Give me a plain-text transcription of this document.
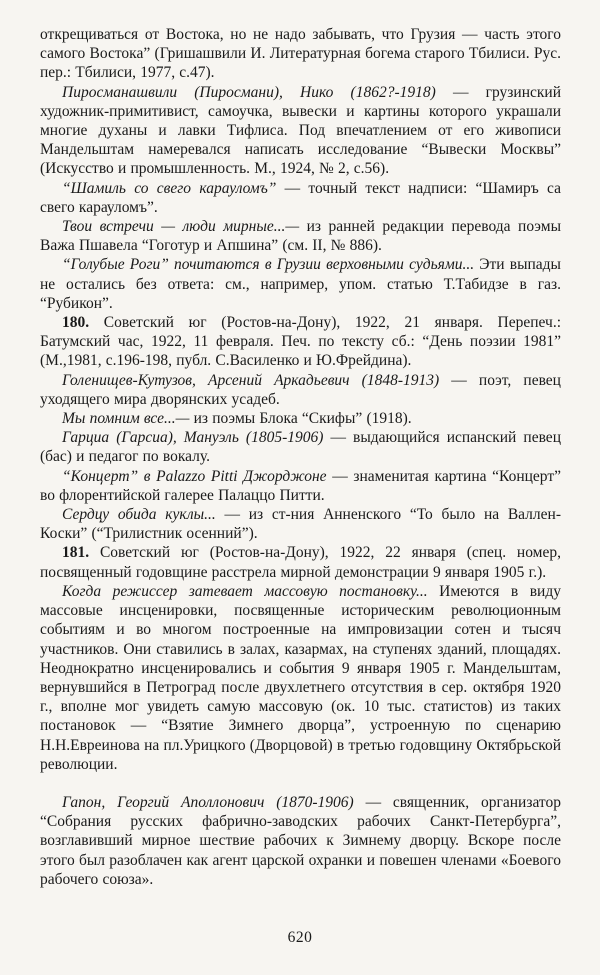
открещиваться от Востока, но не надо забывать, что Грузия — часть этого самого Востока” (Гришашвили И. Литературная богема старого Тбилиси. Рус. пер.: Тбилиси, 1977, с.47).

Пиросманашвили (Пиросмани), Нико (1862?-1918) — грузинский художник-примитивист, самоучка, вывески и картины которого украшали многие духаны и лавки Тифлиса. Под впечатлением от его живописи Мандельштам намеревался написать исследование “Вывески Москвы” (Искусство и промышленность. М., 1924, № 2, с.56).

“Шамиль со свего карауломъ” — точный текст надписи: “Шамиръ са свего карауломъ”.

Твои встречи — люди мирные...— из ранней редакции перевода поэмы Важа Пшавела “Гоготур и Апшина” (см. II, № 886).

“Голубые Роги” почитаются в Грузии верховными судьями... Эти выпады не остались без ответа: см., например, упом. статью Т.Табидзе в газ. “Рубикон”.

180. Советский юг (Ростов-на-Дону), 1922, 21 января. Перепеч.: Батумский час, 1922, 11 февраля. Печ. по тексту сб.: “День поэзии 1981” (М.,1981, с.196-198, публ. С.Василенко и Ю.Фрейдина).

Голенищев-Кутузов, Арсений Аркадьевич (1848-1913) — поэт, певец уходящего мира дворянских усадеб.

Мы помним все...— из поэмы Блока “Скифы” (1918).

Гарциа (Гарсиа), Мануэль (1805-1906) — выдающийся испанский певец (бас) и педагог по вокалу.

“Концерт” в Palazzo Pitti Джорджоне — знаменитая картина “Концерт” во флорентийской галерее Палаццо Питти.

Сердцу обида куклы... — из ст-ния Анненского “То было на Валлен-Коски” (“Трилистник осенний”).

181. Советский юг (Ростов-на-Дону), 1922, 22 января (спец. номер, посвященный годовщине расстрела мирной демонстрации 9 января 1905 г.).

Когда режиссер затевает массовую постановку... Имеются в виду массовые инсценировки, посвященные историческим революционным событиям и во многом построенные на импровизации сотен и тысяч участников. Они ставились в залах, казармах, на ступенях зданий, площадях. Неоднократно инсценировались и события 9 января 1905 г. Мандельштам, вернувшийся в Петроград после двухлетнего отсутствия в сер. октября 1920 г., вполне мог увидеть самую массовую (ок. 10 тыс. статистов) из таких постановок — “Взятие Зимнего дворца”, устроенную по сценарию Н.Н.Евреинова на пл.Урицкого (Дворцовой) в третью годовщину Октябрьской революции.

Гапон, Георгий Аполлонович (1870-1906) — священник, организатор “Собрания русских фабрично-заводских рабочих Санкт-Петербурга”, возглавивший мирное шествие рабочих к Зимнему дворцу. Вскоре после этого был разоблачен как агент царской охранки и повешен членами «Боевого рабочего союза».

620
